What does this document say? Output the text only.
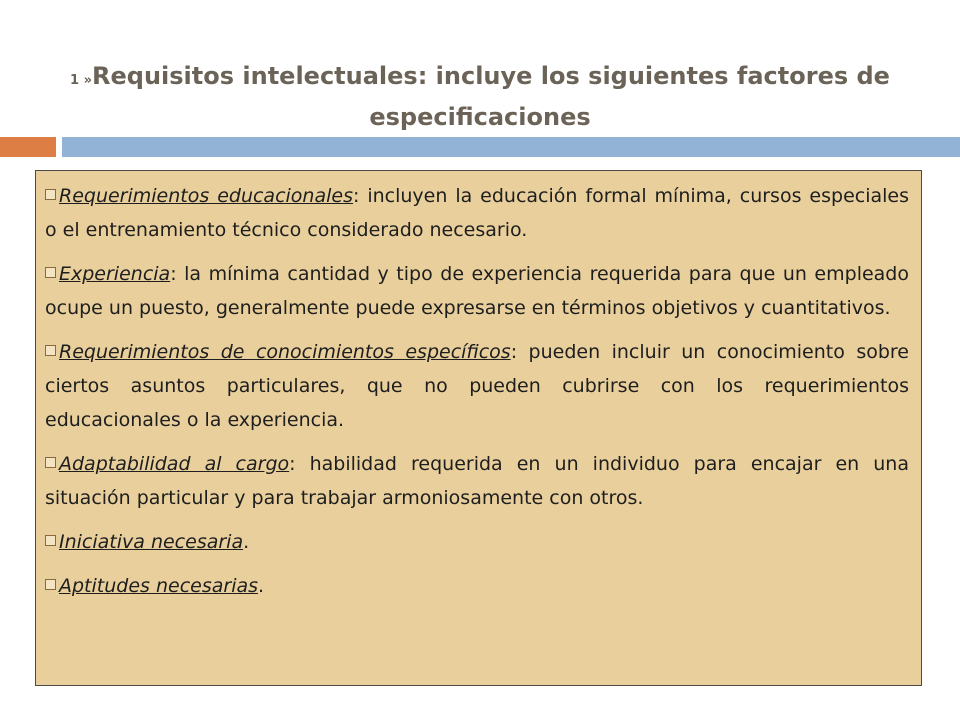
1 »Requisitos intelectuales: incluye los siguientes factores de
especificaciones

Requerimientos educacionales: incluyen la educación formal mínima, cursos especiales o el entrenamiento técnico considerado necesario.

Experiencia: la mínima cantidad y tipo de experiencia requerida para que un empleado ocupe un puesto, generalmente puede expresarse en términos objetivos y cuantitativos.

Requerimientos de conocimientos específicos: pueden incluir un conocimiento sobre ciertos asuntos particulares, que no pueden cubrirse con los requerimientos educacionales o la experiencia.

Adaptabilidad al cargo: habilidad requerida en un individuo para encajar en una situación particular y para trabajar armoniosamente con otros.

Iniciativa necesaria.

Aptitudes necesarias.
